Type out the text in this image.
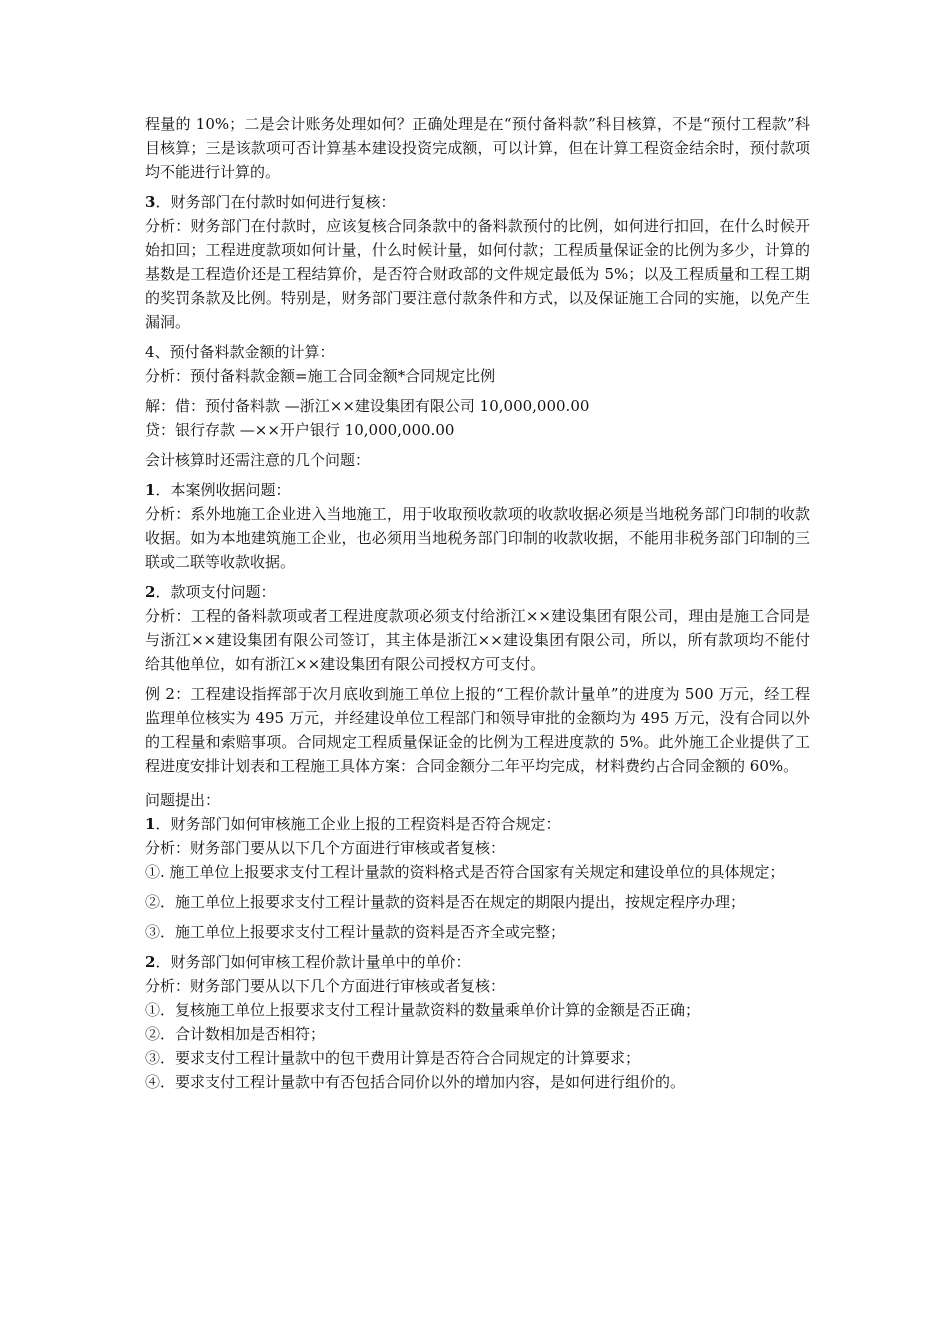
程量的 10%；二是会计账务处理如何？正确处理是在“预付备料款”科目核算，不是“预付工程款”科目核算；三是该款项可否计算基本建设投资完成额，可以计算，但在计算工程资金结余时，预付款项均不能进行计算的。

3．财务部门在付款时如何进行复核：

分析：财务部门在付款时，应该复核合同条款中的备料款预付的比例，如何进行扣回，在什么时候开始扣回；工程进度款项如何计量，什么时候计量，如何付款；工程质量保证金的比例为多少，计算的基数是工程造价还是工程结算价，是否符合财政部的文件规定最低为 5%；以及工程质量和工程工期的奖罚条款及比例。特别是，财务部门要注意付款条件和方式，以及保证施工合同的实施，以免产生漏洞。

4、预付备料款金额的计算：

分析：预付备料款金额=施工合同金额*合同规定比例

解：借：预付备料款 —浙江××建设集团有限公司 10,000,000.00

贷：银行存款 —××开户银行 10,000,000.00

会计核算时还需注意的几个问题：

1．本案例收据问题：

分析：系外地施工企业进入当地施工，用于收取预收款项的收款收据必须是当地税务部门印制的收款收据。如为本地建筑施工企业，也必须用当地税务部门印制的收款收据，不能用非税务部门印制的三联或二联等收款收据。

2．款项支付问题：

分析：工程的备料款项或者工程进度款项必须支付给浙江××建设集团有限公司，理由是施工合同是与浙江××建设集团有限公司签订，其主体是浙江××建设集团有限公司，所以，所有款项均不能付给其他单位，如有浙江××建设集团有限公司授权方可支付。

例 2：工程建设指挥部于次月底收到施工单位上报的“工程价款计量单”的进度为 500 万元，经工程监理单位核实为 495 万元，并经建设单位工程部门和领导审批的金额均为 495 万元，没有合同以外的工程量和索赔事项。合同规定工程质量保证金的比例为工程进度款的 5%。此外施工企业提供了工程进度安排计划表和工程施工具体方案：合同金额分二年平均完成，材料费约占合同金额的 60%。

问题提出：

1．财务部门如何审核施工企业上报的工程资料是否符合规定：

分析：财务部门要从以下几个方面进行审核或者复核：

①. 施工单位上报要求支付工程计量款的资料格式是否符合国家有关规定和建设单位的具体规定；

②．施工单位上报要求支付工程计量款的资料是否在规定的期限内提出，按规定程序办理；

③．施工单位上报要求支付工程计量款的资料是否齐全或完整；

2．财务部门如何审核工程价款计量单中的单价：

分析：财务部门要从以下几个方面进行审核或者复核：

①．复核施工单位上报要求支付工程计量款资料的数量乘单价计算的金额是否正确；

②．合计数相加是否相符；

③．要求支付工程计量款中的包干费用计算是否符合合同规定的计算要求；

④．要求支付工程计量款中有否包括合同价以外的增加内容，是如何进行组价的。
